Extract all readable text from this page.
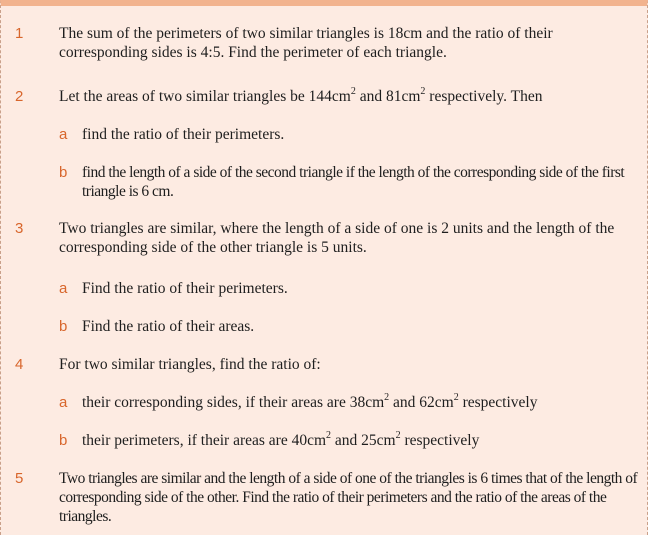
1 The sum of the perimeters of two similar triangles is 18cm and the ratio of their corresponding sides is 4:5. Find the perimeter of each triangle.
2 Let the areas of two similar triangles be $144cm^2$ and $81cm^2$ respectively. Then
a find the ratio of their perimeters.
b find the length of a side of the second triangle if the length of the corresponding side of the first triangle is 6 cm.
3 Two triangles are similar, where the length of a side of one is 2 units and the length of the corresponding side of the other triangle is 5 units.
a Find the ratio of their perimeters.
b Find the ratio of their areas.
4 For two similar triangles, find the ratio of:
a their corresponding sides, if their areas are $38cm^2$ and $62cm^2$ respectively
b their perimeters, if their areas are $40cm^2$ and $25cm^2$ respectively
5 Two triangles are similar and the length of a side of one of the triangles is 6 times that of the length of corresponding side of the other. Find the ratio of their perimeters and the ratio of the areas of the triangles.
